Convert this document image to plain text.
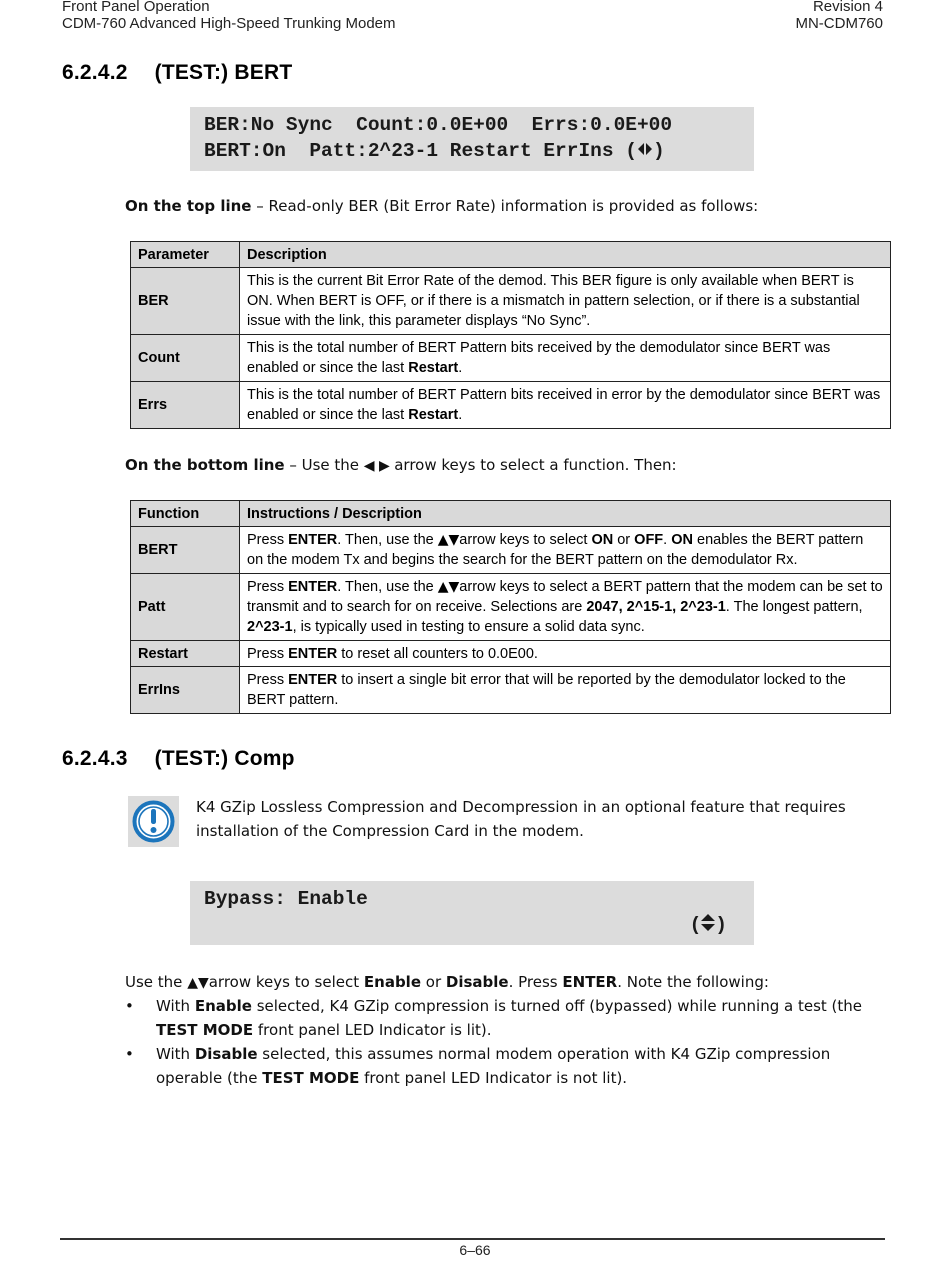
Front Panel Operation
CDM-760 Advanced High-Speed Trunking Modem
Revision 4
MN-CDM760
6.2.4.2 (TEST:) BERT

BER:No Sync  Count:0.0E+00  Errs:0.0E+00

BERT:On  Patt:2^23-1 Restart ErrIns ( )

On the top line – Read-only BER (Bit Error Rate) information is provided as follows:
Parameter	Description
BER	This is the current Bit Error Rate of the demod. This BER figure is only available when BERT is ON. When BERT is OFF, or if there is a mismatch in pattern selection, or if there is a substantial issue with the link, this parameter displays “No Sync”.
Count	This is the total number of BERT Pattern bits received by the demodulator since BERT was enabled or since the last Restart.
Errs	This is the total number of BERT Pattern bits received in error by the demodulator since BERT was enabled or since the last Restart.
On the bottom line – Use the ◀ ▶ arrow keys to select a function. Then:
Function	Instructions / Description
BERT	Press ENTER. Then, use the ▲▼arrow keys to select ON or OFF. ON enables the BERT pattern on the modem Tx and begins the search for the BERT pattern on the demodulator Rx.
Patt	Press ENTER. Then, use the ▲▼arrow keys to select a BERT pattern that the modem can be set to transmit and to search for on receive. Selections are 2047, 2^15-1, 2^23-1. The longest pattern, 2^23-1, is typically used in testing to ensure a solid data sync.
Restart	Press ENTER to reset all counters to 0.0E00.
ErrIns	Press ENTER to insert a single bit error that will be reported by the demodulator locked to the BERT pattern.
6.2.4.3 (TEST:) Comp
K4 GZip Lossless Compression and Decompression in an optional feature that requires installation of the Compression Card in the modem.

Bypass: Enable

( )

Use the ▲▼arrow keys to select Enable or Disable. Press ENTER. Note the following:
• With Enable selected, K4 GZip compression is turned off (bypassed) while running a test (the TEST MODE front panel LED Indicator is lit).
• With Disable selected, this assumes normal modem operation with K4 GZip compression operable (the TEST MODE front panel LED Indicator is not lit).
6–66
